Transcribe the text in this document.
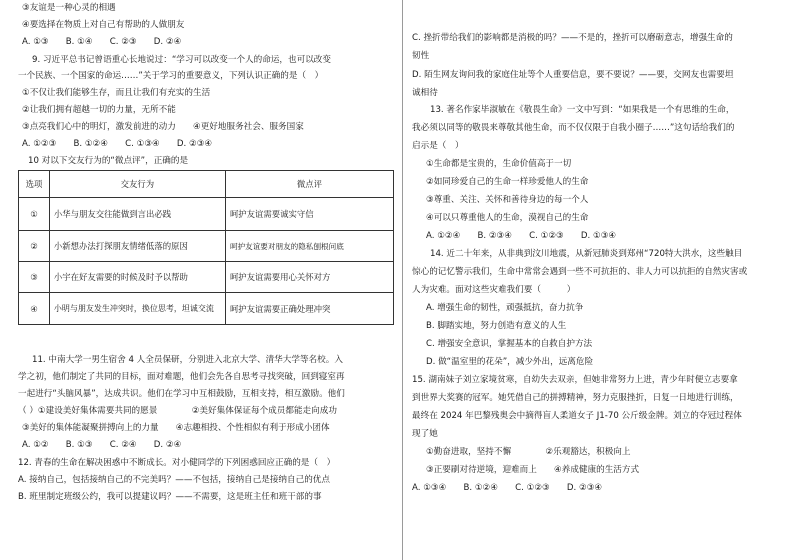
③友谊是一种心灵的相遇
④要选择在物质上对自己有帮助的人做朋友
A. ①③　　B. ①④　　C. ②③　　D. ②④
9. 习近平总书记曾语重心长地说过：“学习可以改变一个人的命运，也可以改变
一个民族、一个国家的命运……”关于学习的重要意义，下列认识正确的是（　）
①不仅让我们能够生存，而且让我们有充实的生活
②让我们拥有超越一切的力量，无所不能
③点亮我们心中的明灯，激发前进的动力　　④更好地服务社会、服务国家
A. ①②③　　B. ①②④　　C. ①③④　　D. ②③④
10 对以下交友行为的“微点评”，正确的是
选项	交友行为	微点评
①	小华与朋友交往能做到言出必践	呵护友谊需要诚实守信
②	小新想办法打探朋友情绪低落的原因	呵护友谊要对朋友的隐私刨根问底
③	小宇在好友需要的时候及时予以帮助	呵护友谊需要用心关怀对方
④	小明与朋友发生冲突时，换位思考，坦诚交流	呵护友谊需要正确处理冲突
11. 中南大学一男生宿舍 4 人全员保研，分别进入北京大学、清华大学等名校。入
学之初，他们制定了共同的目标，面对难题，他们会先各自思考寻找突破，回到寝室再
一起进行“头脑风暴”，达成共识。他们在学习中互相鼓励，互相支持，相互激励。他们
（ ）①建设美好集体需要共同的愿景　　　　②美好集体保证每个成员都能走向成功
③美好的集体能凝聚拼搏向上的力量　　④志趣相投、个性相似有利于形成小团体
A. ①②　　B. ①③　　C. ②④　　D. ②④
12. 青春的生命在解决困惑中不断成长。对小健同学的下列困惑回应正确的是（　）
A. 接纳自己，包括接纳自己的不完美吗？——不包括，接纳自己是接纳自己的优点
B. 班里制定班级公约，我可以提建议吗？——不需要，这是班主任和班干部的事
C. 挫折带给我们的影响都是消极的吗？——不是的，挫折可以磨砺意志，增强生命的
韧性
D. 陌生网友询问我的家庭住址等个人重要信息，要不要说？——要，交网友也需要坦
诚相待
13. 著名作家毕淑敏在《敬畏生命》一文中写到：“如果我是一个有思维的生命，
我必须以同等的敬畏来尊敬其他生命，而不仅仅限于自我小圈子……”这句话给我们的
启示是（　）
①生命都是宝贵的，生命价值高于一切
②如同珍爱自己的生命一样珍爱他人的生命
③尊重、关注、关怀和善待身边的每一个人
④可以只尊重他人的生命，漠视自己的生命
A. ①②④　　B. ②③④　　C. ①②③　　D. ①③④
14. 近二十年来，从非典到汶川地震，从新冠肺炎到郑州“720特大洪水，这些触目
惊心的记忆警示我们，生命中常常会遇到一些不可抗拒的、非人力可以抗拒的自然灾害或
人为灾难。面对这些灾难我们要（　　　）
A. 增强生命的韧性，顽强抵抗，奋力抗争
B. 脚踏实地，努力创造有意义的人生
C. 增强安全意识，掌握基本的自救自护方法
D. 做“温室里的花朵”，减少外出，远离危险
15. 湖南妹子刘立家境贫寒，自幼失去双亲，但她非常努力上进，青少年时便立志要拿
到世界大奖赛的冠军。她凭借自己的拼搏精神，努力克服挫折，日复一日地进行训练，
最终在 2024 年巴黎残奥会中摘得盲人柔道女子 J1-70 公斤级金牌。刘立的夺冠过程体
现了她
①勤奋进取，坚持不懈　　　　②乐观豁达，积极向上
③正要刷对待逆境，迎难而上　　④养成健康的生活方式
A. ①③④　　B. ①②④　　C. ①②③　　D. ②③④
